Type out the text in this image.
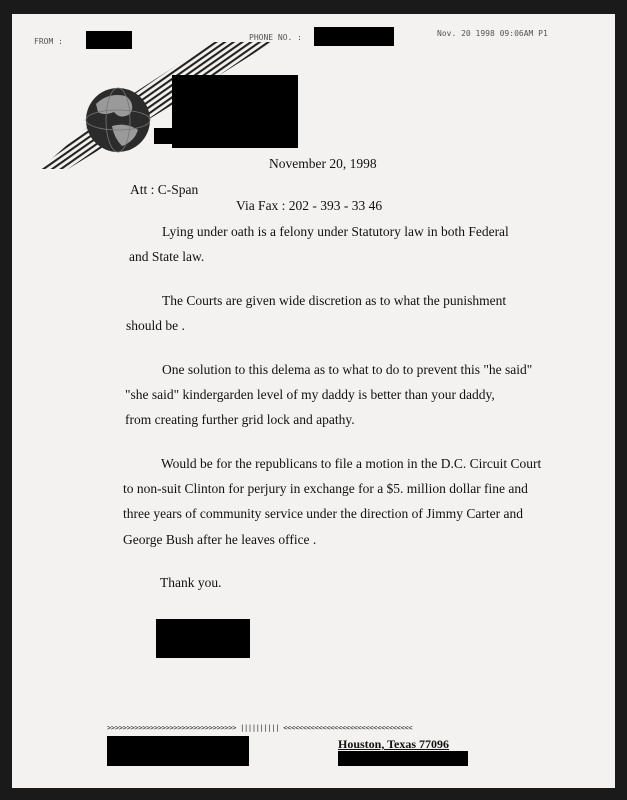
FROM :	PHONE NO. :	Nov. 20 1998 09:06AM P1
November 20, 1998
Att : C-Span
Via Fax : 202 - 393 - 33 46
Lying under oath is a felony under Statutory law in both Federal
and State law.
The Courts are given wide discretion as to what the punishment
should be .
One solution to this delema as to what to do to prevent this "he said"
"she said" kindergarden level of my daddy is better than your daddy,
from creating further grid lock and apathy.
Would be for the republicans to file a motion in the D.C. Circuit Court
to non-suit Clinton for perjury in exchange for a $5. million dollar fine and
three years of community service under the direction of Jimmy Carter and
George Bush after he leaves office .
Thank you.
>>>>>>>>>>>>>>>>>>>>>>>>>>>>>>>>> |||||||||| <<<<<<<<<<<<<<<<<<<<<<<<<<<<<<<<<
Houston, Texas 77096
